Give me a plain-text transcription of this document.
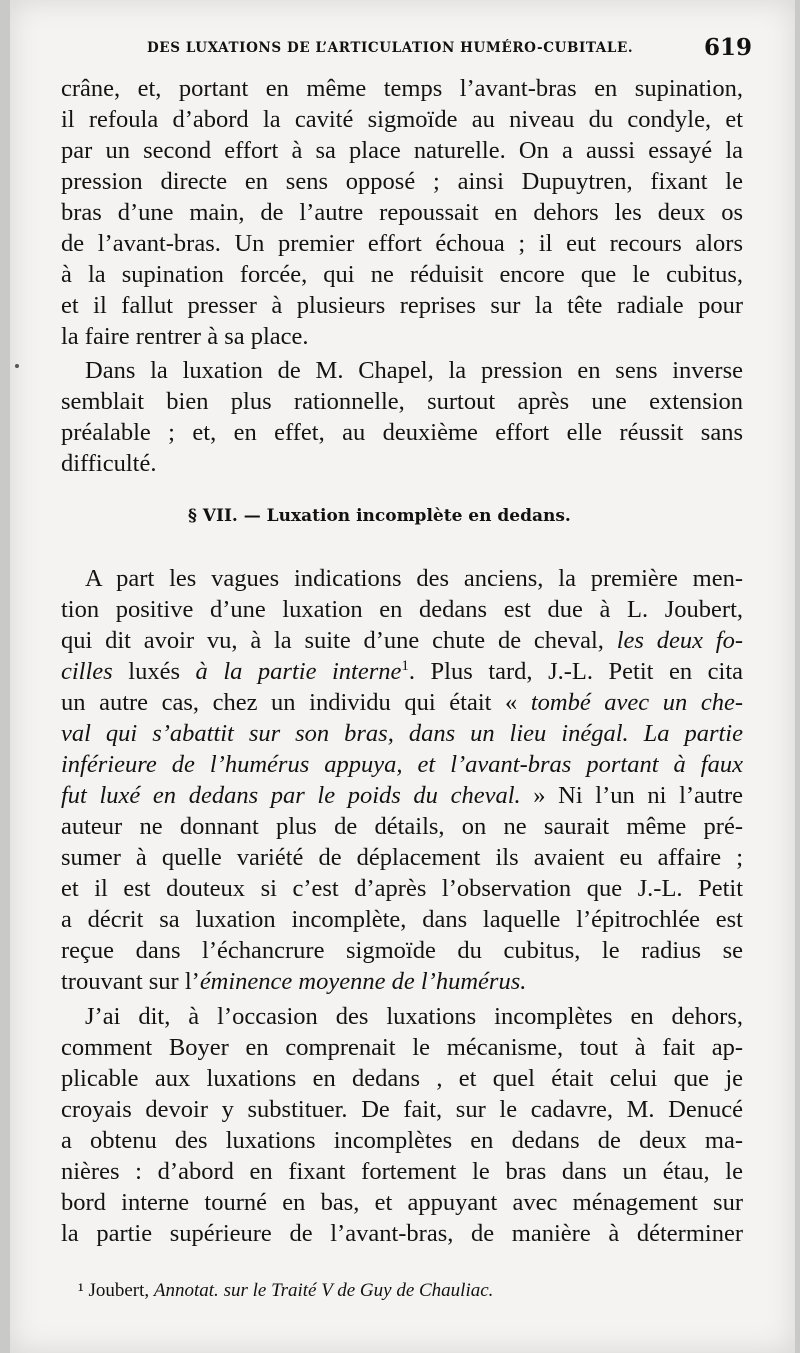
DES LUXATIONS DE L’ARTICULATION HUMÉRO-CUBITALE.	619
crâne, et, portant en même temps l’avant-bras en supination,
il refoula d’abord la cavité sigmoïde au niveau du condyle, et
par un second effort à sa place naturelle. On a aussi essayé la
pression directe en sens opposé ; ainsi Dupuytren, fixant le
bras d’une main, de l’autre repoussait en dehors les deux os
de l’avant-bras. Un premier effort échoua ; il eut recours alors
à la supination forcée, qui ne réduisit encore que le cubitus,
et il fallut presser à plusieurs reprises sur la tête radiale pour
la faire rentrer à sa place.
Dans la luxation de M. Chapel, la pression en sens inverse
semblait bien plus rationnelle, surtout après une extension
préalable ; et, en effet, au deuxième effort elle réussit sans
difficulté.
§ VII. — Luxation incomplète en dedans.
A part les vagues indications des anciens, la première men-
tion positive d’une luxation en dedans est due à L. Joubert,
qui dit avoir vu, à la suite d’une chute de cheval, les deux fo-
cilles luxés à la partie interne$^1$. Plus tard, J.-L. Petit en cita
un autre cas, chez un individu qui était « tombé avec un che-
val qui s’abattit sur son bras, dans un lieu inégal. La partie
inférieure de l’humérus appuya, et l’avant-bras portant à faux
fut luxé en dedans par le poids du cheval. » Ni l’un ni l’autre
auteur ne donnant plus de détails, on ne saurait même pré-
sumer à quelle variété de déplacement ils avaient eu affaire ;
et il est douteux si c’est d’après l’observation que J.-L. Petit
a décrit sa luxation incomplète, dans laquelle l’épitrochlée est
reçue dans l’échancrure sigmoïde du cubitus, le radius se
trouvant sur l’éminence moyenne de l’humérus.
J’ai dit, à l’occasion des luxations incomplètes en dehors,
comment Boyer en comprenait le mécanisme, tout à fait ap-
plicable aux luxations en dedans , et quel était celui que je
croyais devoir y substituer. De fait, sur le cadavre, M. Denucé
a obtenu des luxations incomplètes en dedans de deux ma-
nières : d’abord en fixant fortement le bras dans un étau, le
bord interne tourné en bas, et appuyant avec ménagement sur
la partie supérieure de l’avant-bras, de manière à déterminer
¹ Joubert, Annotat. sur le Traité V de Guy de Chauliac.
